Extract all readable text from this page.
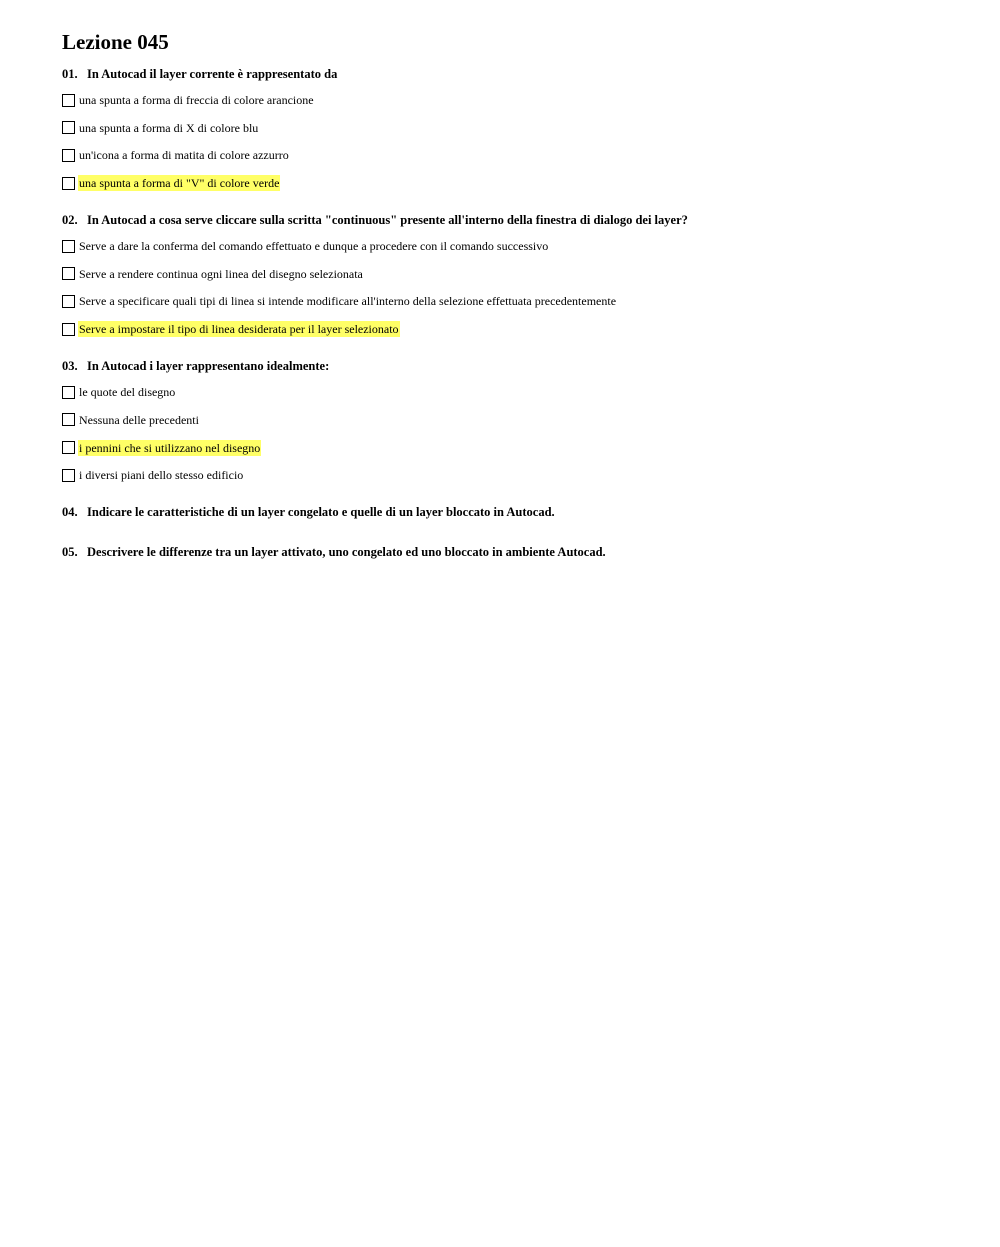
Lezione 045
01. In Autocad il layer corrente è rappresentato da
una spunta a forma di freccia di colore arancione
una spunta a forma di X di colore blu
un'icona a forma di matita di colore azzurro
una spunta a forma di "V" di colore verde
02. In Autocad a cosa serve cliccare sulla scritta "continuous" presente all'interno della finestra di dialogo dei layer?
Serve a dare la conferma del comando effettuato e dunque a procedere con il comando successivo
Serve a rendere continua ogni linea del disegno selezionata
Serve a specificare quali tipi di linea si intende modificare all'interno della selezione effettuata precedentemente
Serve a impostare il tipo di linea desiderata per il layer selezionato
03. In Autocad i layer rappresentano idealmente:
le quote del disegno
Nessuna delle precedenti
i pennini che si utilizzano nel disegno
i diversi piani dello stesso edificio
04. Indicare le caratteristiche di un layer congelato e quelle di un layer bloccato in Autocad.
05. Descrivere le differenze tra un layer attivato, uno congelato ed uno bloccato in ambiente Autocad.
